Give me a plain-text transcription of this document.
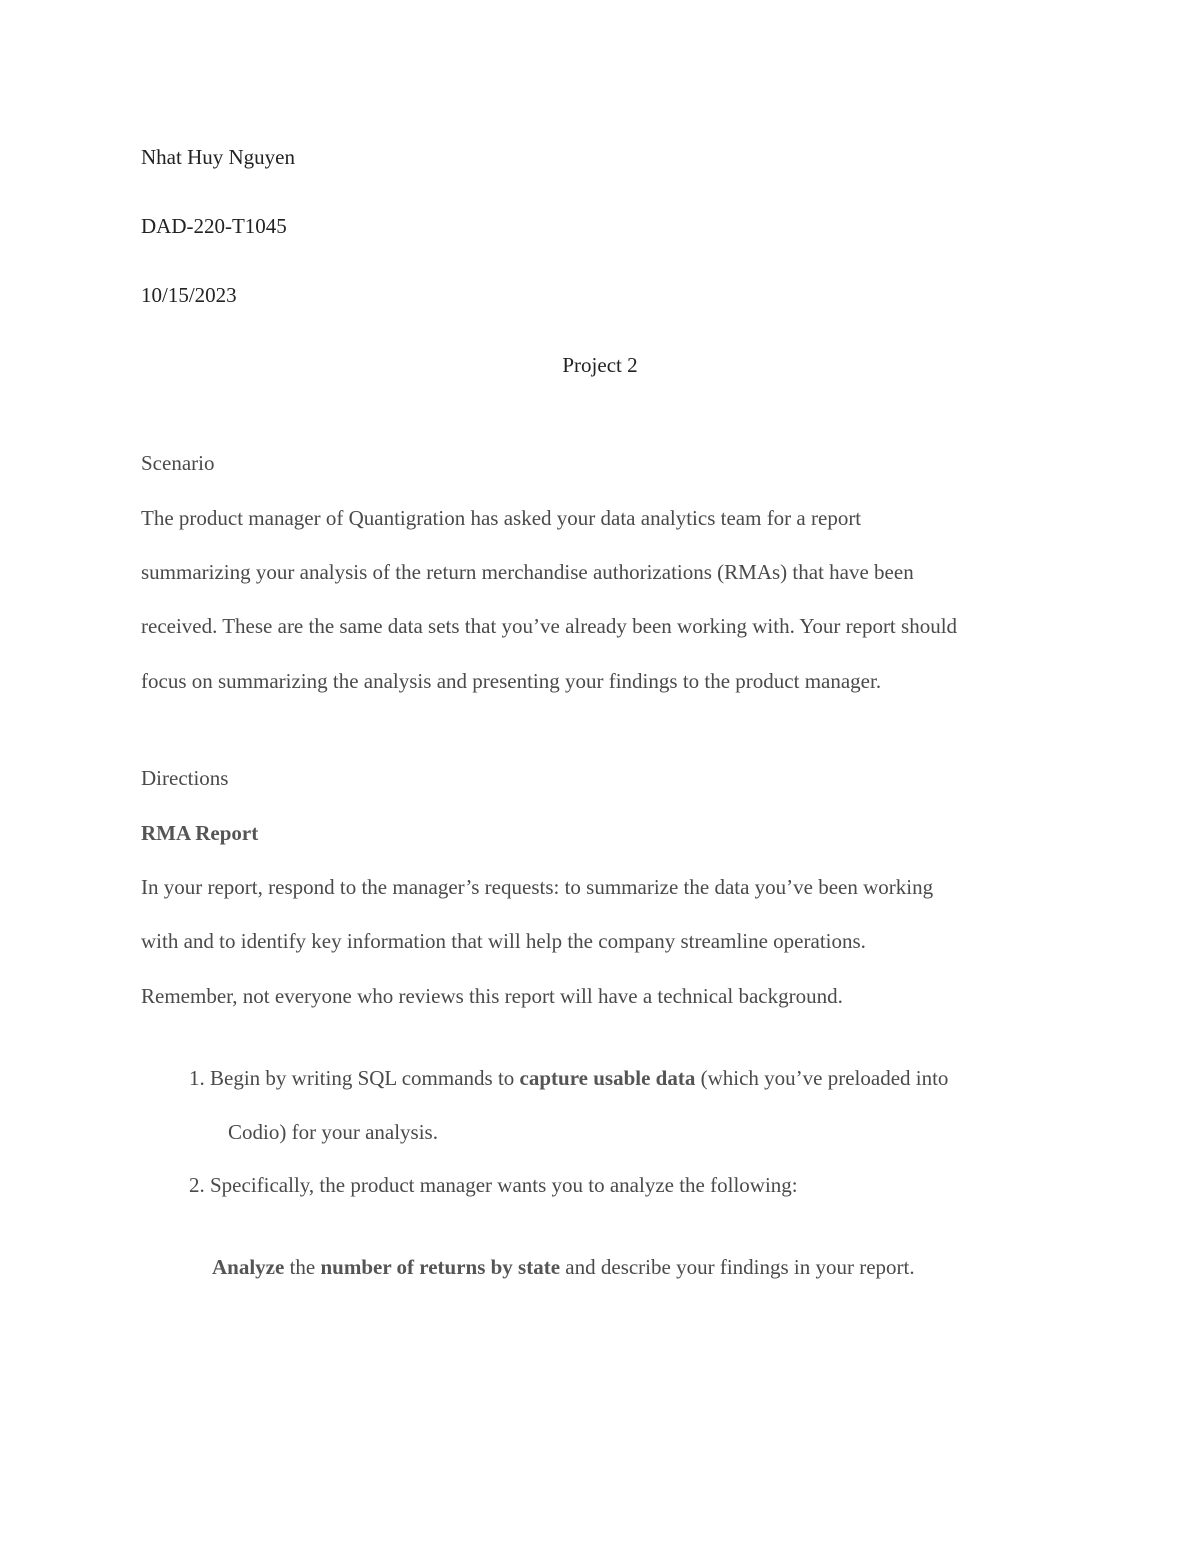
Nhat Huy Nguyen
DAD-220-T1045
10/15/2023
Project 2
Scenario
The product manager of Quantigration has asked your data analytics team for a report
summarizing your analysis of the return merchandise authorizations (RMAs) that have been
received. These are the same data sets that you’ve already been working with. Your report should
focus on summarizing the analysis and presenting your findings to the product manager.
Directions
RMA Report
In your report, respond to the manager’s requests: to summarize the data you’ve been working
with and to identify key information that will help the company streamline operations.
Remember, not everyone who reviews this report will have a technical background.
1. Begin by writing SQL commands to capture usable data (which you’ve preloaded into
Codio) for your analysis.
2. Specifically, the product manager wants you to analyze the following:
Analyze the number of returns by state and describe your findings in your report.
